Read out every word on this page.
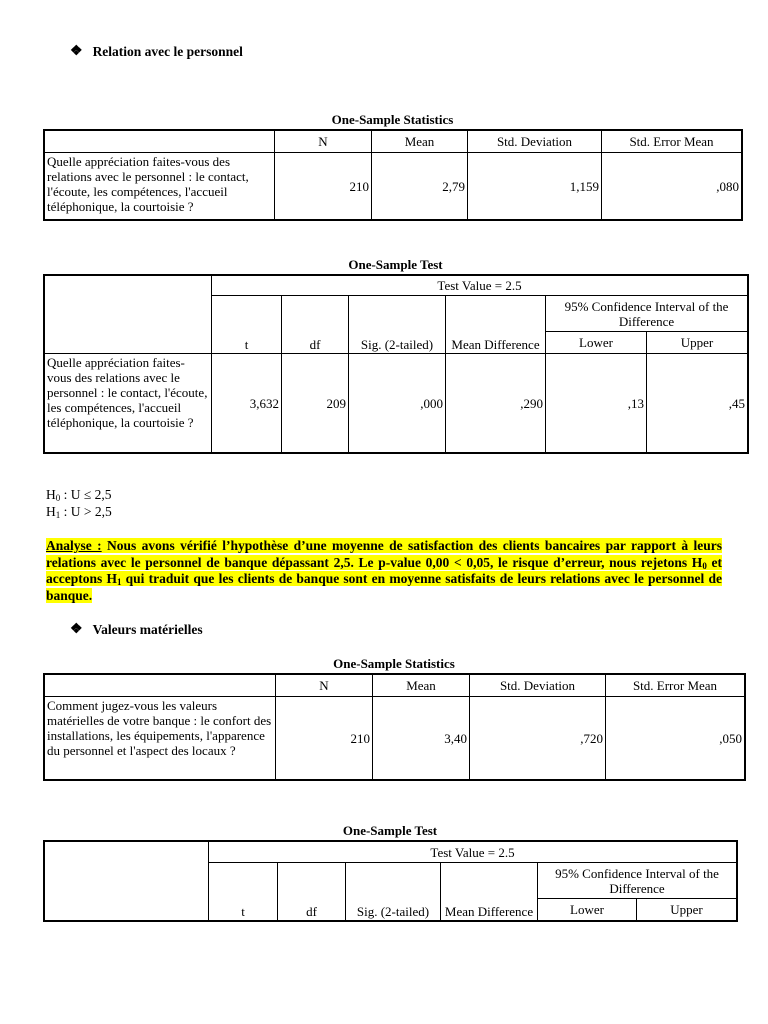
❖ Relation avec le personnel
One-Sample Statistics
	N	Mean	Std. Deviation	Std. Error Mean
Quelle appréciation faites-vous des relations avec le personnel : le contact, l'écoute, les compétences, l'accueil téléphonique, la courtoisie ?	210	2,79	1,159	,080
One-Sample Test
	Test Value = 2.5					
	t	df	Sig. (2-tailed)	Mean Difference	95% Confidence Interval of the Difference	
					Lower	Upper
Quelle appréciation faites-vous des relations avec le personnel : le contact, l'écoute, les compétences, l'accueil téléphonique, la courtoisie ?	3,632	209	,000	,290	,13	,45
$H_0$ : U ≤ 2,5
$H_1$ : U > 2,5
Analyse : Nous avons vérifié l’hypothèse d’une moyenne de satisfaction des clients bancaires par rapport à leurs relations avec le personnel de banque dépassant 2,5. Le p-value 0,00 < 0,05, le risque d’erreur, nous rejetons $H_0$ et acceptons $H_1$ qui traduit que les clients de banque sont en moyenne satisfaits de leurs relations avec le personnel de banque.
❖ Valeurs matérielles
One-Sample Statistics
	N	Mean	Std. Deviation	Std. Error Mean
Comment jugez-vous les valeurs matérielles de votre banque : le confort des installations, les équipements, l'apparence du personnel et l'aspect des locaux ?	210	3,40	,720	,050
One-Sample Test
	Test Value = 2.5					
	t	df	Sig. (2-tailed)	Mean Difference	95% Confidence Interval of the Difference	
					Lower	Upper
